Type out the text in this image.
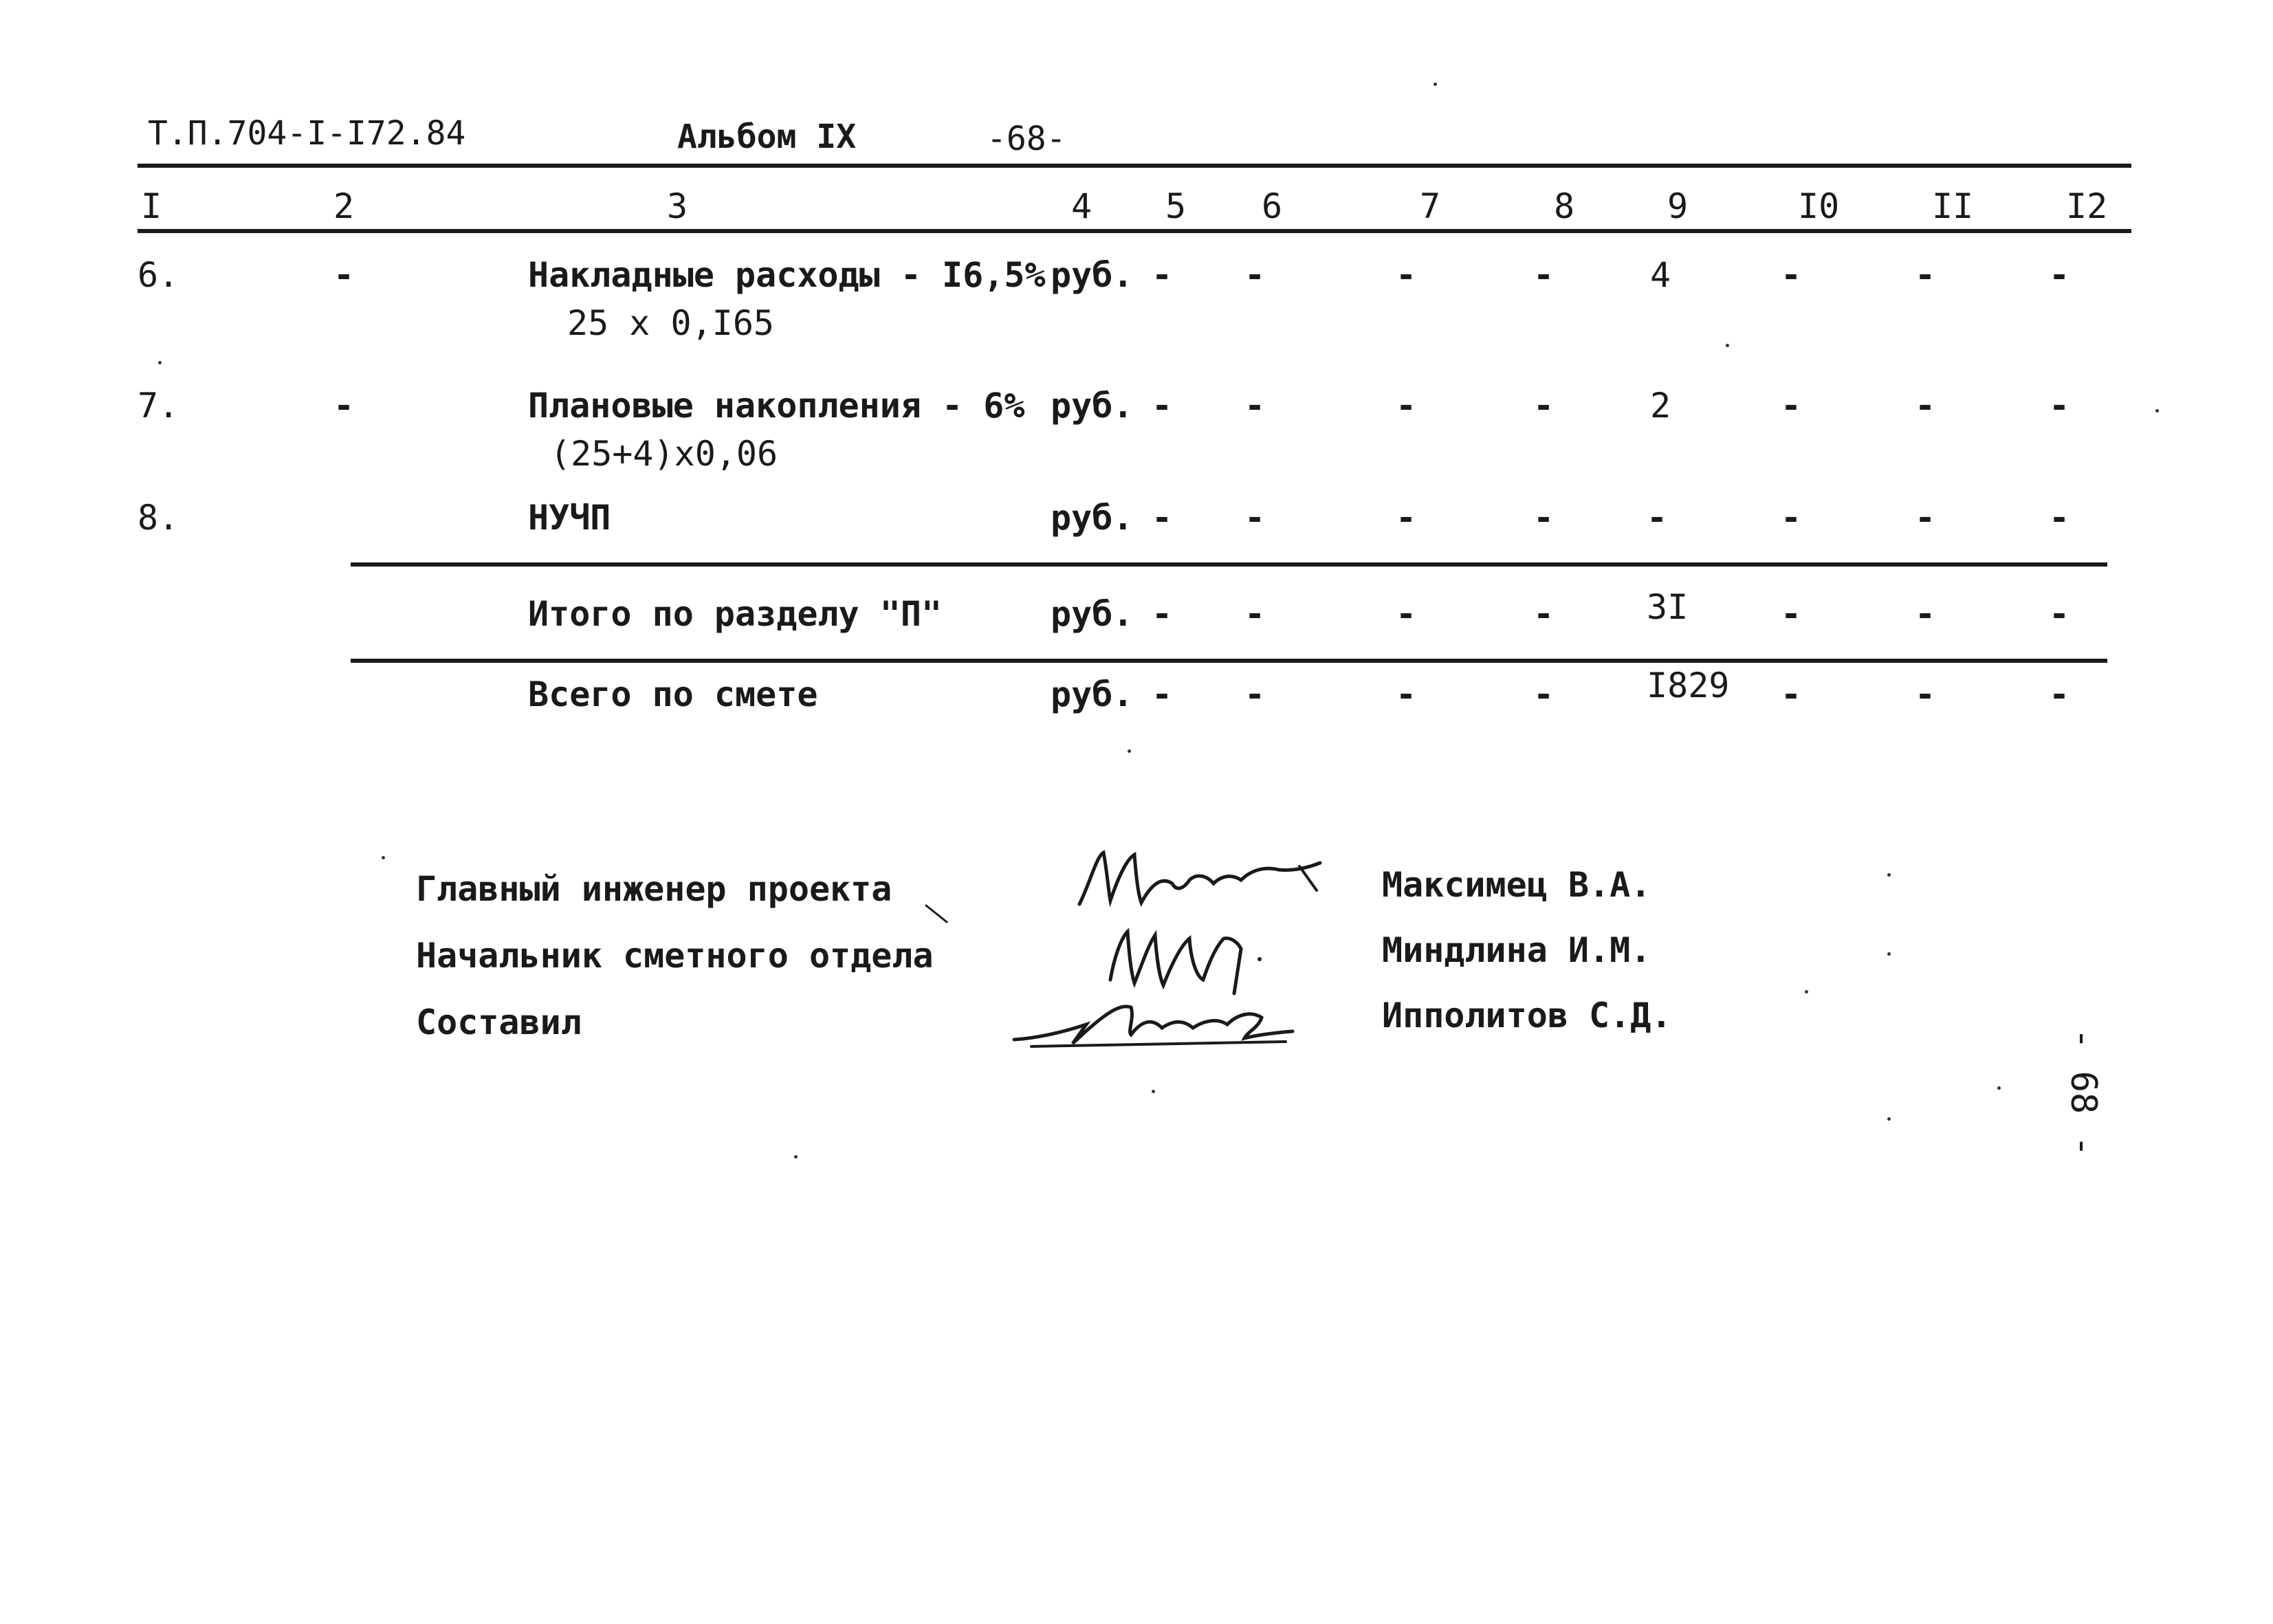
Т.П.704-I-I72.84	Альбом IX	-68-
I	2	3	4 5 6	7	8	9	I0	II	I2
6.	-	Накладные расходы - I6,5%
25 x 0,I65
руб. - -	-	-	4	-	-	-
7.	-	Плановые накопления - 6%
(25+4)x0,06
руб. - -	-	-	2	-	-	-
8.	НУЧП	руб. - -	-	-	-	-	-	-
Итого по разделу "П"	руб. - -	-	-	3I	-	-	-
Всего по смете	руб. - -	-	-	I829 -	-	-
Главный инженер проекта
Начальник сметного отдела
Составил
Максимец В.А.
Миндлина И.М.
Ипполитов С.Д.
- 68 -
